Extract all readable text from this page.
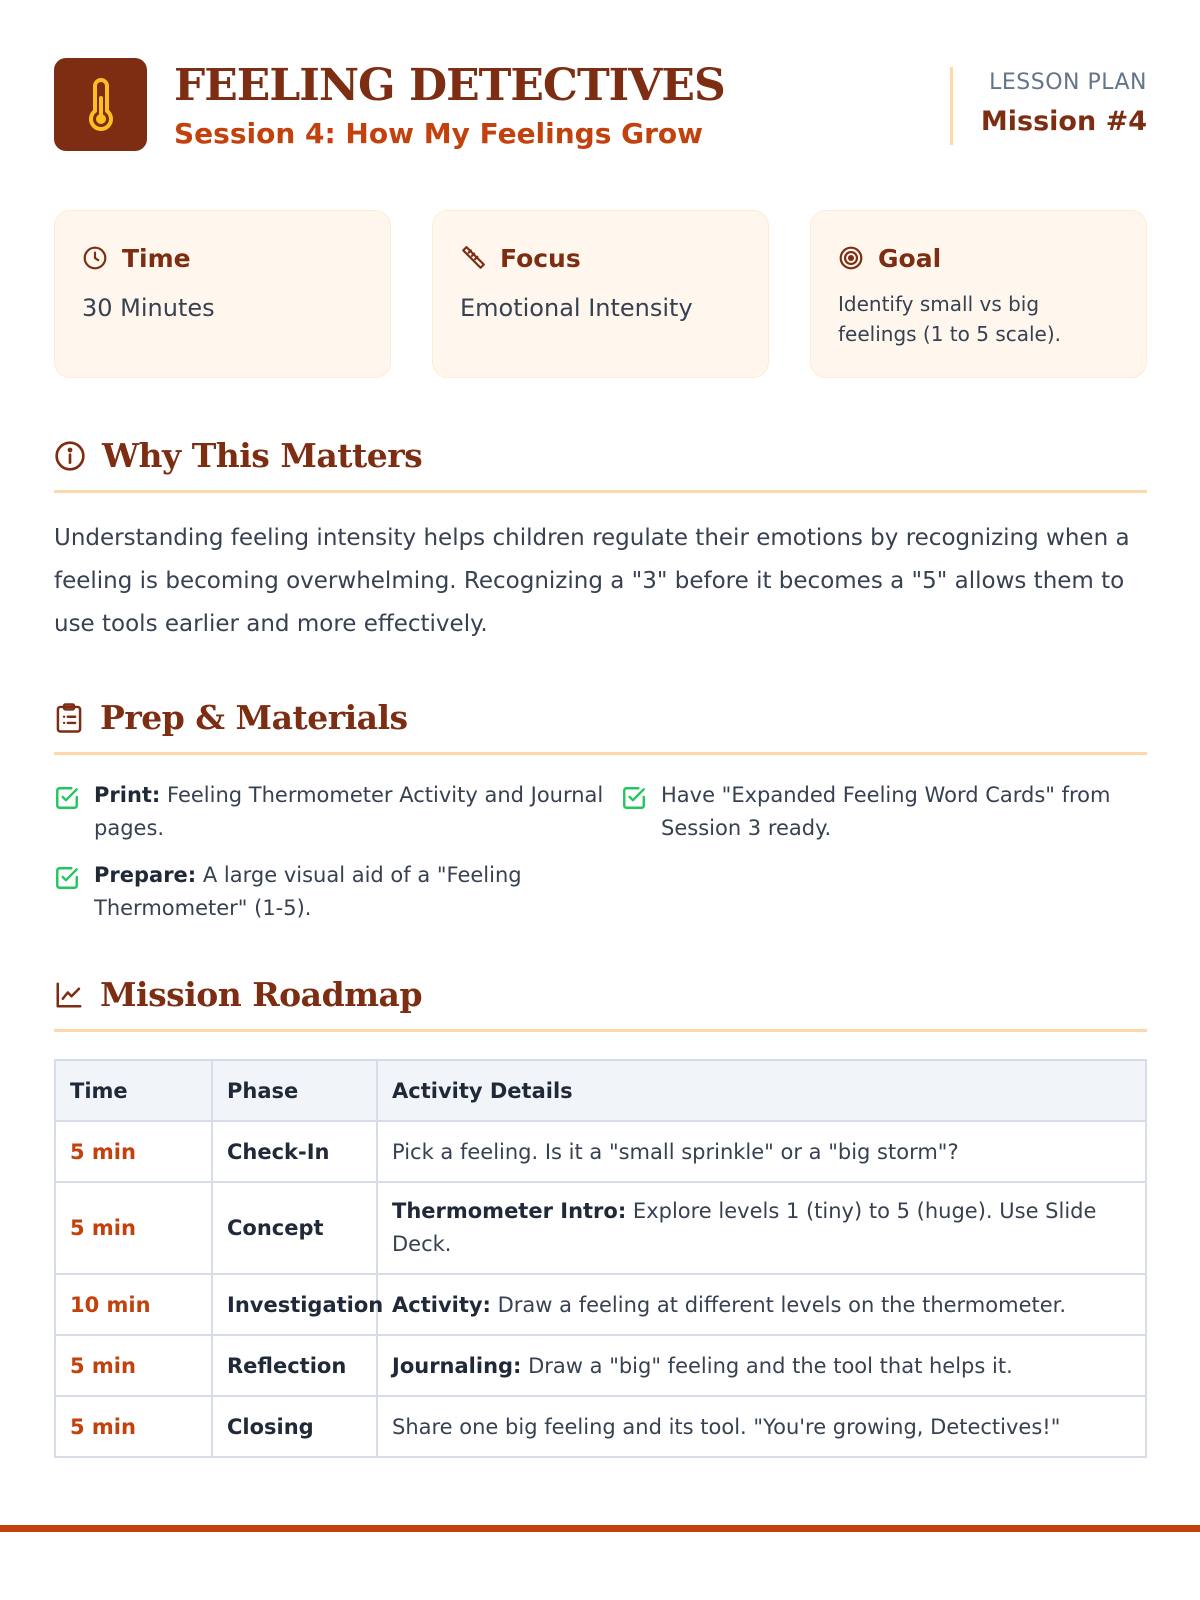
FEELING DETECTIVES
Session 4: How My Feelings Grow
LESSON PLAN
Mission #4
Time
30 Minutes
Focus
Emotional Intensity
Goal
Identify small vs big feelings (1 to 5 scale).
Why This Matters

Understanding feeling intensity helps children regulate their emotions by recognizing when a feeling is becoming overwhelming. Recognizing a "3" before it becomes a "5" allows them to use tools earlier and more effectively.

Prep & Materials
Print: Feeling Thermometer Activity and Journal pages.
Have "Expanded Feeling Word Cards" from Session 3 ready.
Prepare: A large visual aid of a "Feeling Thermometer" (1-5).
Mission Roadmap
Time	Phase	Activity Details
5 min	Check-In	Pick a feeling. Is it a "small sprinkle" or a "big storm"?
5 min	Concept	Thermometer Intro: Explore levels 1 (tiny) to 5 (huge). Use Slide Deck.
10 min	Investigation	Activity: Draw a feeling at different levels on the thermometer.
5 min	Reflection	Journaling: Draw a "big" feeling and the tool that helps it.
5 min	Closing	Share one big feeling and its tool. "You're growing, Detectives!"
